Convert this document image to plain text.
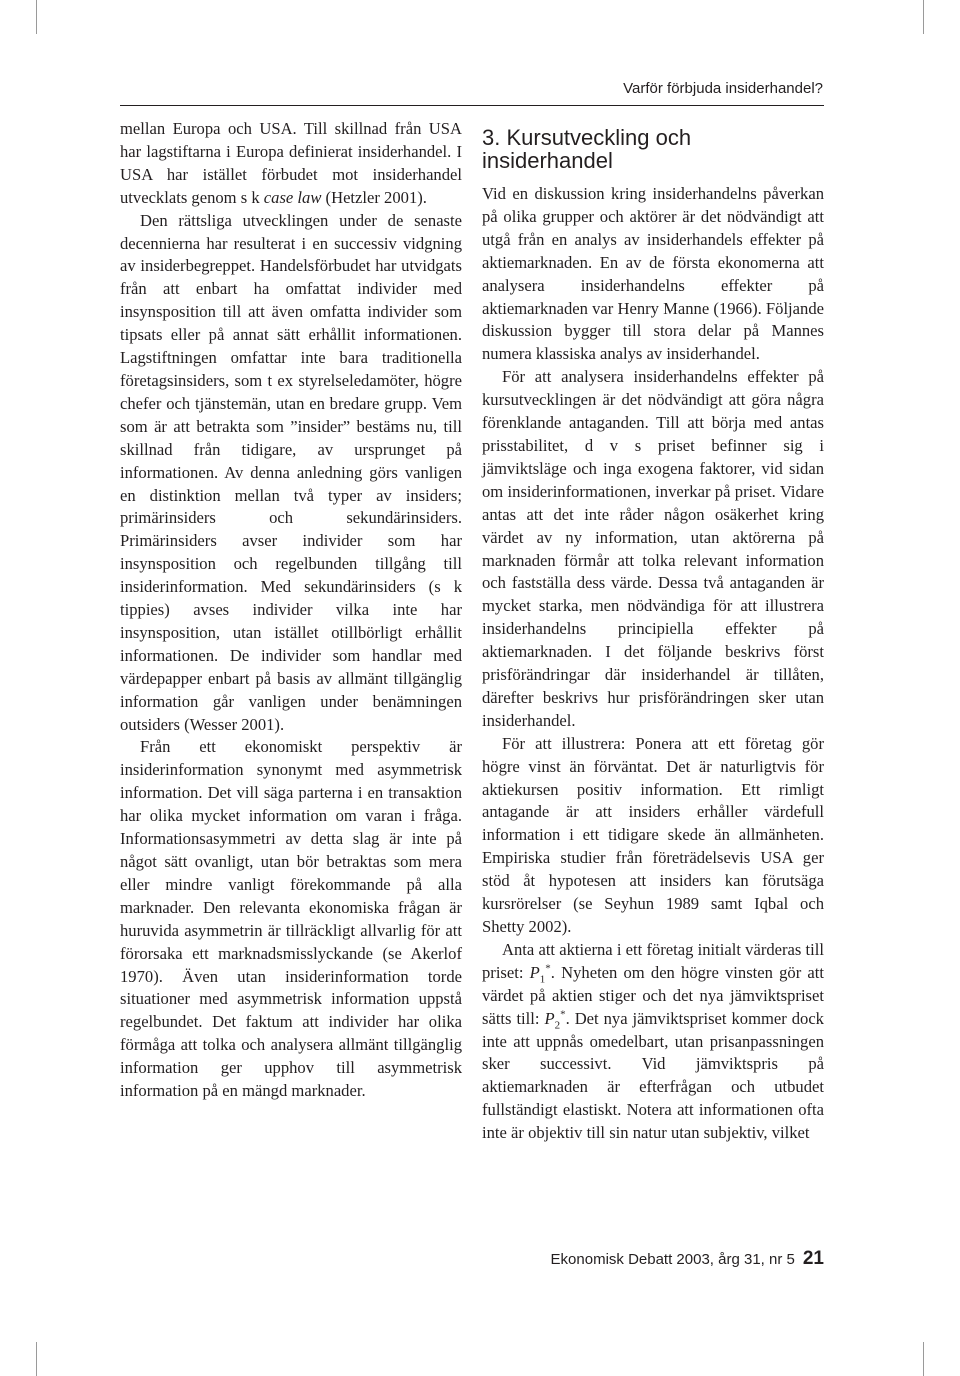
Varför förbjuda insiderhandel?

mellan Europa och USA. Till skillnad från USA har lagstiftarna i Europa definierat insiderhandel. I USA har istället förbudet mot insiderhandel utvecklats genom s k case law (Hetzler 2001).

Den rättsliga utvecklingen under de senaste decennierna har resulterat i en successiv vidgning av insiderbegreppet. Handelsförbudet har utvidgats från att enbart ha omfattat individer med insynsposition till att även omfatta individer som tipsats eller på annat sätt erhållit informationen. Lagstiftningen omfattar inte bara traditionella företagsinsiders, som t ex styrelseledamöter, högre chefer och tjänstemän, utan en bredare grupp. Vem som är att betrakta som ”insider” bestäms nu, till skillnad från tidigare, av ursprunget på informationen. Av denna anledning görs vanligen en distinktion mellan två typer av insiders; primärinsiders och sekundärinsiders. Primärinsiders avser individer som har insynsposition och regelbunden tillgång till insiderinformation. Med sekundärinsiders (s k tippies) avses individer vilka inte har insynsposition, utan istället otillbörligt erhållit informationen. De individer som handlar med värdepapper enbart på basis av allmänt tillgänglig information går vanligen under benämningen outsiders (Wesser 2001).

Från ett ekonomiskt perspektiv är insiderinformation synonymt med asymmetrisk information. Det vill säga parterna i en transaktion har olika mycket information om varan i fråga. Informationsasymmetri av detta slag är inte på något sätt ovanligt, utan bör betraktas som mera eller mindre vanligt förekommande på alla marknader. Den relevanta ekonomiska frågan är huruvida asymmetrin är tillräckligt allvarlig för att förorsaka ett marknadsmisslyckande (se Akerlof 1970). Även utan insiderinformation torde situationer med asymmetrisk information uppstå regelbundet. Det faktum att individer har olika förmåga att tolka och analysera allmänt tillgänglig information ger upphov till asymmetrisk information på en mängd marknader.

3. Kursutveckling och insiderhandel

Vid en diskussion kring insiderhandelns påverkan på olika grupper och aktörer är det nödvändigt att utgå från en analys av insiderhandels effekter på aktiemarknaden. En av de första ekonomerna att analysera insiderhandelns effekter på aktiemarknaden var Henry Manne (1966). Följande diskussion bygger till stora delar på Mannes numera klassiska analys av insiderhandel.

För att analysera insiderhandelns effekter på kursutvecklingen är det nödvändigt att göra några förenklande antaganden. Till att börja med antas prisstabilitet, d v s priset befinner sig i jämviktsläge och inga exogena faktorer, vid sidan om insiderinformationen, inverkar på priset. Vidare antas att det inte råder någon osäkerhet kring värdet av ny information, utan aktörerna på marknaden förmår att tolka relevant information och fastställa dess värde. Dessa två antaganden är mycket starka, men nödvändiga för att illustrera insiderhandelns principiella effekter på aktiemarknaden. I det följande beskrivs först prisförändringar där insiderhandel är tillåten, därefter beskrivs hur prisförändringen sker utan insiderhandel.

För att illustrera: Ponera att ett företag gör högre vinst än förväntat. Det är naturligtvis för aktiekursen positiv information. Ett rimligt antagande är att insiders erhåller värdefull information i ett tidigare skede än allmänheten. Empiriska studier från företrädelsevis USA ger stöd åt hypotesen att insiders kan förutsäga kursrörelser (se Seyhun 1989 samt Iqbal och Shetty 2002).

Anta att aktierna i ett företag initialt värderas till priset: $P_1^*$. Nyheten om den högre vinsten gör att värdet på aktien stiger och det nya jämviktspriset sätts till: $P_2^*$. Det nya jämviktspriset kommer dock inte att uppnås omedelbart, utan prisanpassningen sker successivt. Vid jämviktspris på aktiemarknaden är efterfrågan och utbudet fullständigt elastiskt. Notera att informationen ofta inte är objektiv till sin natur utan subjektiv, vilket

Ekonomisk Debatt 2003, årg 31, nr 5 21
